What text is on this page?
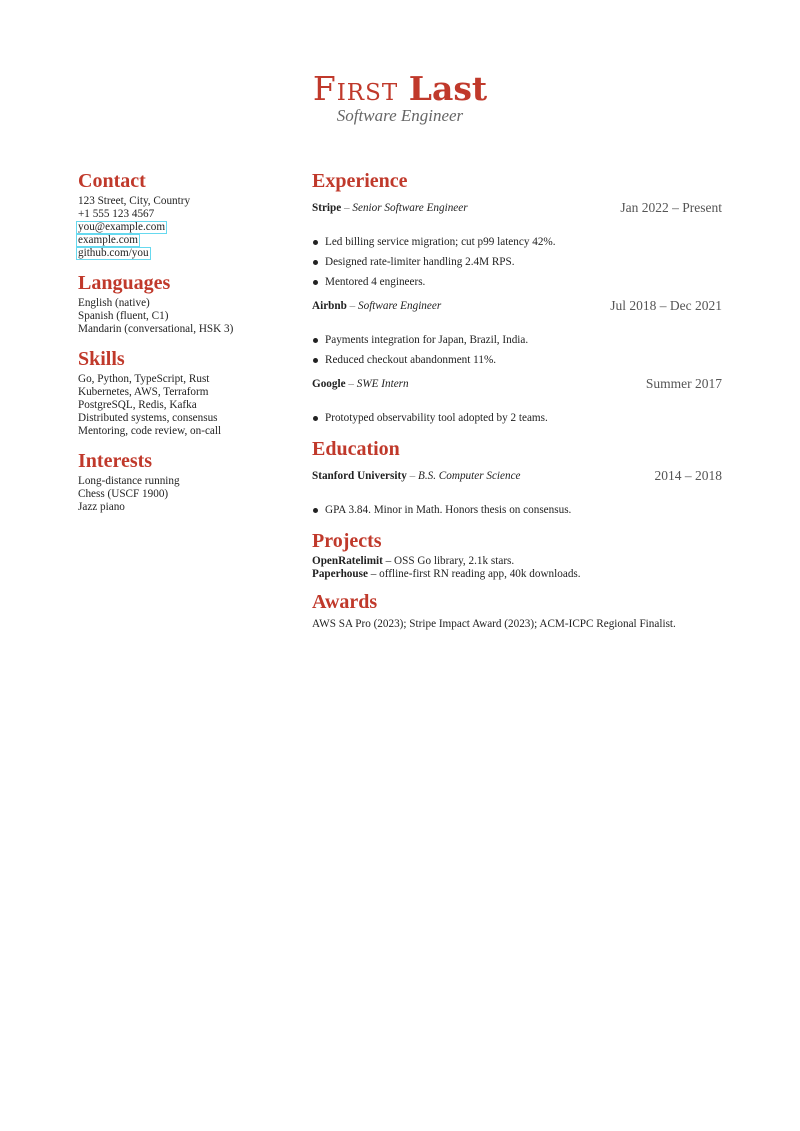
First Last
Software Engineer
Contact
123 Street, City, Country
+1 555 123 4567
you@example.com
example.com
github.com/you
Languages
English (native)
Spanish (fluent, C1)
Mandarin (conversational, HSK 3)
Skills
Go, Python, TypeScript, Rust
Kubernetes, AWS, Terraform
PostgreSQL, Redis, Kafka
Distributed systems, consensus
Mentoring, code review, on-call
Interests
Long-distance running
Chess (USCF 1900)
Jazz piano
Experience
Stripe – Senior Software Engineer	Jan 2022 – Present
Led billing service migration; cut p99 latency 42%.
Designed rate-limiter handling 2.4M RPS.
Mentored 4 engineers.
Airbnb – Software Engineer	Jul 2018 – Dec 2021
Payments integration for Japan, Brazil, India.
Reduced checkout abandonment 11%.
Google – SWE Intern	Summer 2017
Prototyped observability tool adopted by 2 teams.
Education
Stanford University – B.S. Computer Science	2014 – 2018
GPA 3.84. Minor in Math. Honors thesis on consensus.
Projects
OpenRatelimit – OSS Go library, 2.1k stars.
Paperhouse – offline-first RN reading app, 40k downloads.
Awards
AWS SA Pro (2023); Stripe Impact Award (2023); ACM-ICPC Regional Finalist.
